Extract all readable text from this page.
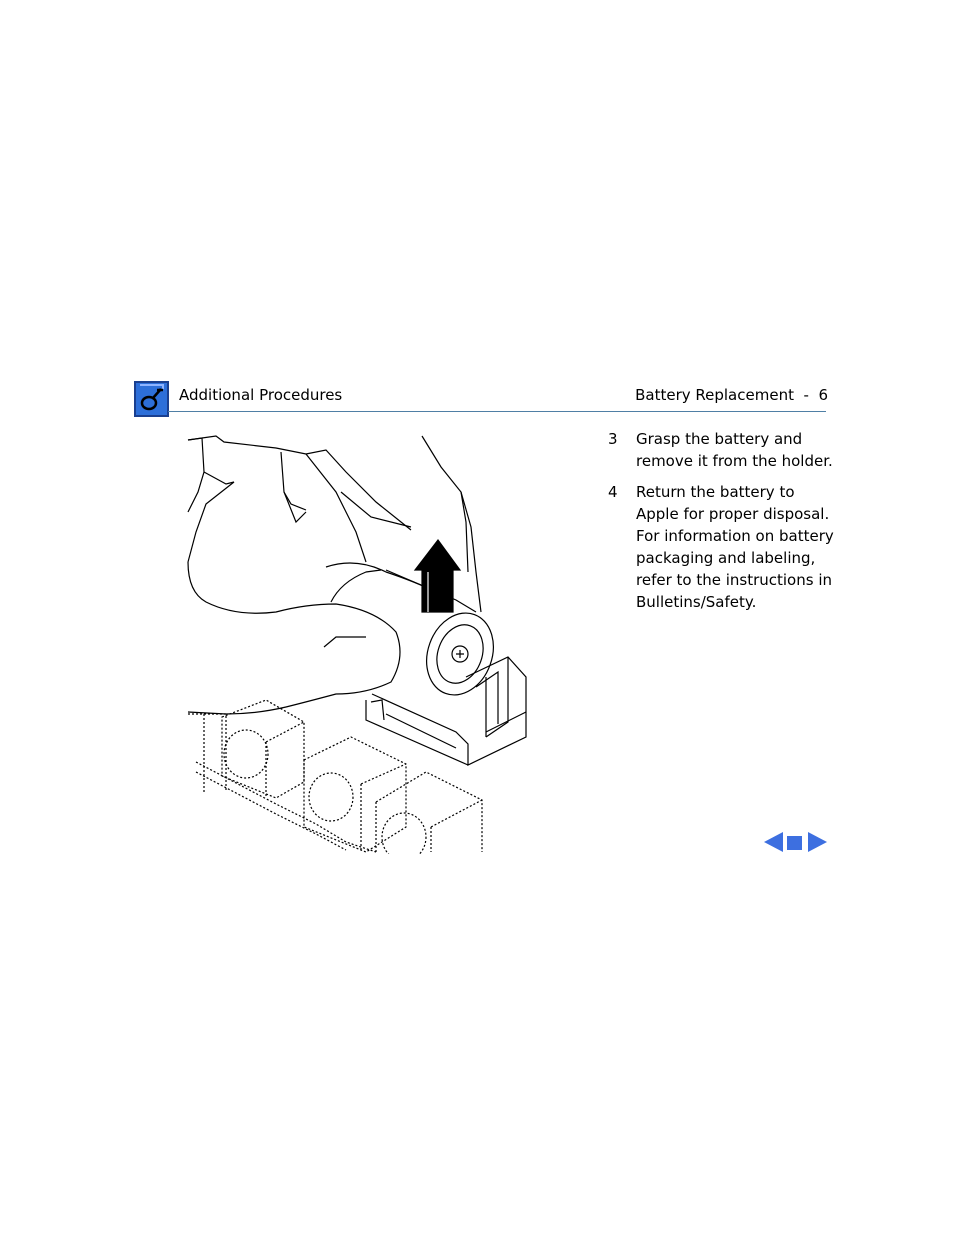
Additional Procedures	Battery Replacement  -  6
3	Grasp the battery and remove it from the holder.
4	Return the battery to Apple for proper disposal. For information on battery packaging and labeling, refer to the instructions in Bulletins/Safety.
